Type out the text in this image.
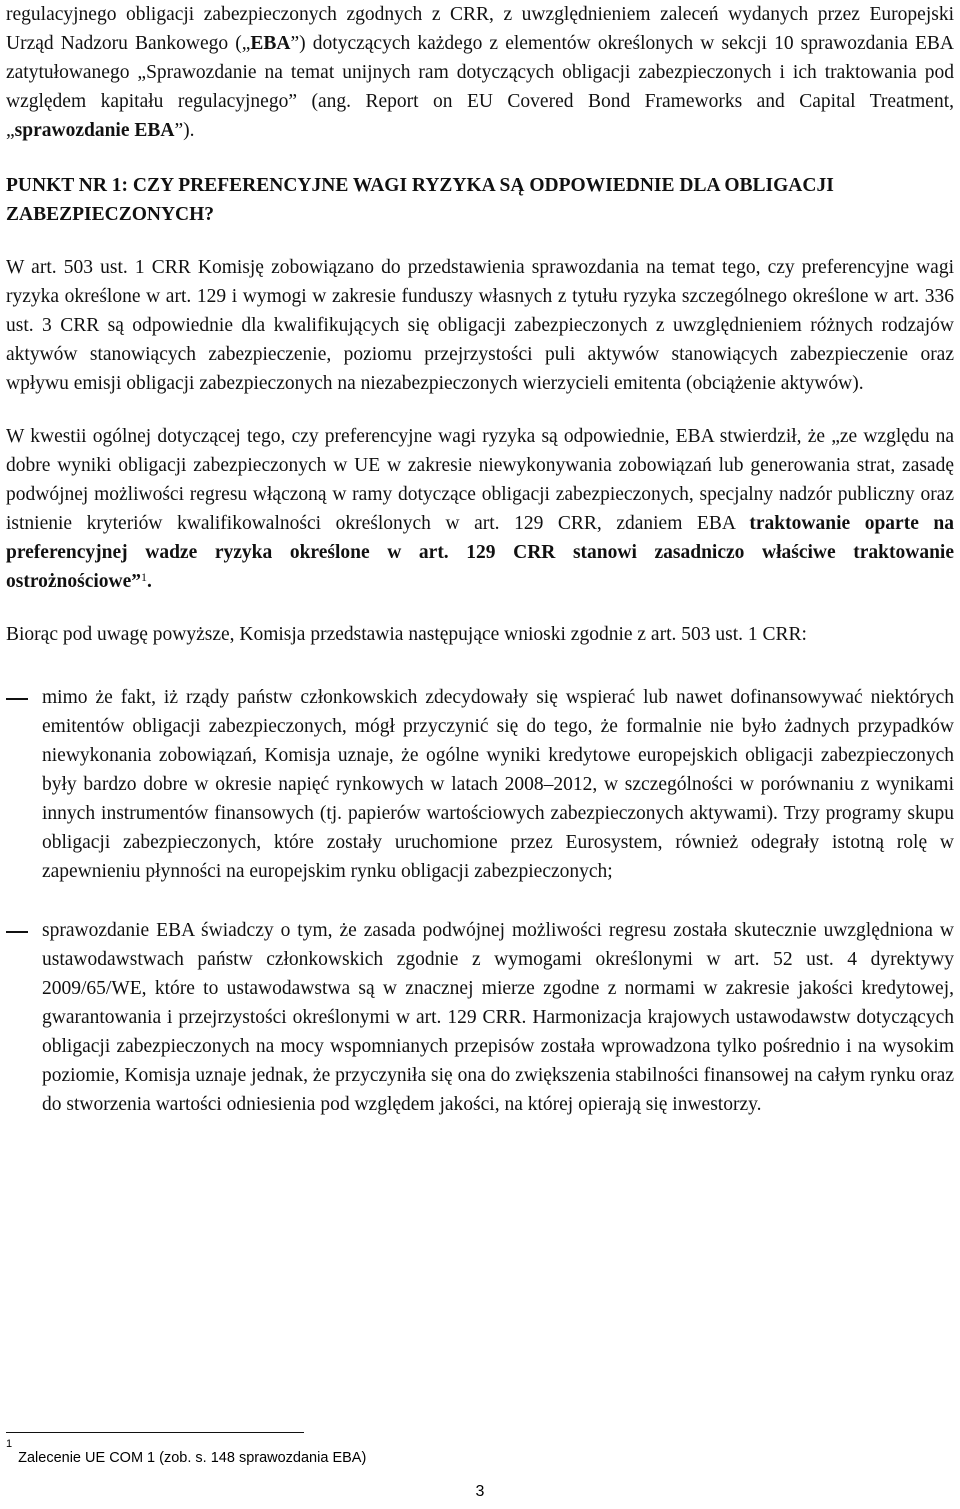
regulacyjnego obligacji zabezpieczonych zgodnych z CRR, z uwzględnieniem zaleceń wydanych przez Europejski Urząd Nadzoru Bankowego („EBA”) dotyczących każdego z elementów określonych w sekcji 10 sprawozdania EBA zatytułowanego „Sprawozdanie na temat unijnych ram dotyczących obligacji zabezpieczonych i ich traktowania pod względem kapitału regulacyjnego” (ang. Report on EU Covered Bond Frameworks and Capital Treatment, „sprawozdanie EBA”).

PUNKT NR 1: CZY PREFERENCYJNE WAGI RYZYKA SĄ ODPOWIEDNIE DLA OBLIGACJI ZABEZPIECZONYCH?

W art. 503 ust. 1 CRR Komisję zobowiązano do przedstawienia sprawozdania na temat tego, czy preferencyjne wagi ryzyka określone w art. 129 i wymogi w zakresie funduszy własnych z tytułu ryzyka szczególnego określone w art. 336 ust. 3 CRR są odpowiednie dla kwalifikujących się obligacji zabezpieczonych z uwzględnieniem różnych rodzajów aktywów stanowiących zabezpieczenie, poziomu przejrzystości puli aktywów stanowiących zabezpieczenie oraz wpływu emisji obligacji zabezpieczonych na niezabezpieczonych wierzycieli emitenta (obciążenie aktywów).

W kwestii ogólnej dotyczącej tego, czy preferencyjne wagi ryzyka są odpowiednie, EBA stwierdził, że „ze względu na dobre wyniki obligacji zabezpieczonych w UE w zakresie niewykonywania zobowiązań lub generowania strat, zasadę podwójnej możliwości regresu włączoną w ramy dotyczące obligacji zabezpieczonych, specjalny nadzór publiczny oraz istnienie kryteriów kwalifikowalności określonych w art. 129 CRR, zdaniem EBA traktowanie oparte na preferencyjnej wadze ryzyka określone w art. 129 CRR stanowi zasadniczo właściwe traktowanie ostrożnościowe”$^1$.

Biorąc pod uwagę powyższe, Komisja przedstawia następujące wnioski zgodnie z art. 503 ust. 1 CRR:

mimo że fakt, iż rządy państw członkowskich zdecydowały się wspierać lub nawet dofinansowywać niektórych emitentów obligacji zabezpieczonych, mógł przyczynić się do tego, że formalnie nie było żadnych przypadków niewykonania zobowiązań, Komisja uznaje, że ogólne wyniki kredytowe europejskich obligacji zabezpieczonych były bardzo dobre w okresie napięć rynkowych w latach 2008–2012, w szczególności w porównaniu z wynikami innych instrumentów finansowych (tj. papierów wartościowych zabezpieczonych aktywami). Trzy programy skupu obligacji zabezpieczonych, które zostały uruchomione przez Eurosystem, również odegrały istotną rolę w zapewnieniu płynności na europejskim rynku obligacji zabezpieczonych;
sprawozdanie EBA świadczy o tym, że zasada podwójnej możliwości regresu została skutecznie uwzględniona w ustawodawstwach państw członkowskich zgodnie z wymogami określonymi w art. 52 ust. 4 dyrektywy 2009/65/WE, które to ustawodawstwa są w znacznej mierze zgodne z normami w zakresie jakości kredytowej, gwarantowania i przejrzystości określonymi w art. 129 CRR. Harmonizacja krajowych ustawodawstw dotyczących obligacji zabezpieczonych na mocy wspomnianych przepisów została wprowadzona tylko pośrednio i na wysokim poziomie, Komisja uznaje jednak, że przyczyniła się ona do zwiększenia stabilności finansowej na całym rynku oraz do stworzenia wartości odniesienia pod względem jakości, na której opierają się inwestorzy.
$^1$Zalecenie UE COM 1 (zob. s. 148 sprawozdania EBA)
3
